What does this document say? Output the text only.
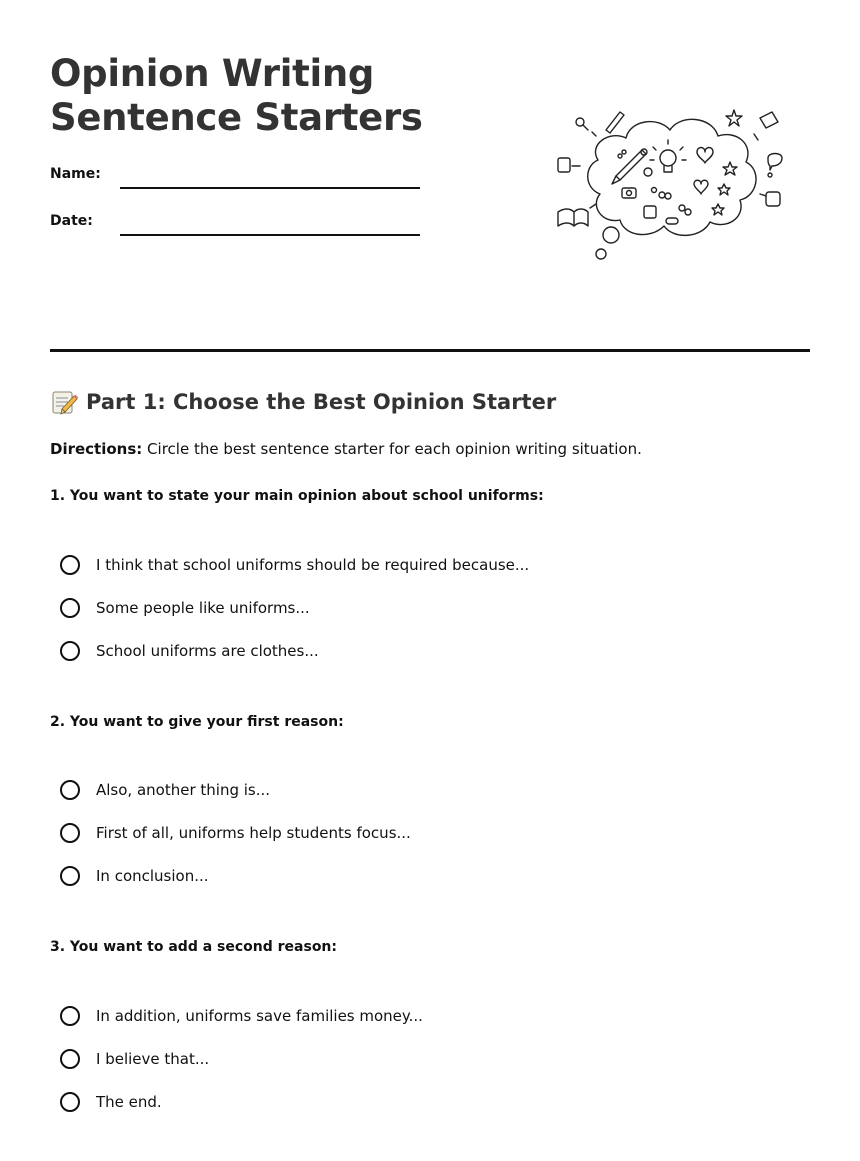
Opinion Writing
Sentence Starters
Name:
Date:
Part 1: Choose the Best Opinion Starter
Directions: Circle the best sentence starter for each opinion writing situation.
1. You want to state your main opinion about school uniforms:
I think that school uniforms should be required because...
Some people like uniforms...
School uniforms are clothes...
2. You want to give your first reason:
Also, another thing is...
First of all, uniforms help students focus...
In conclusion...
3. You want to add a second reason:
In addition, uniforms save families money...
I believe that...
The end.
